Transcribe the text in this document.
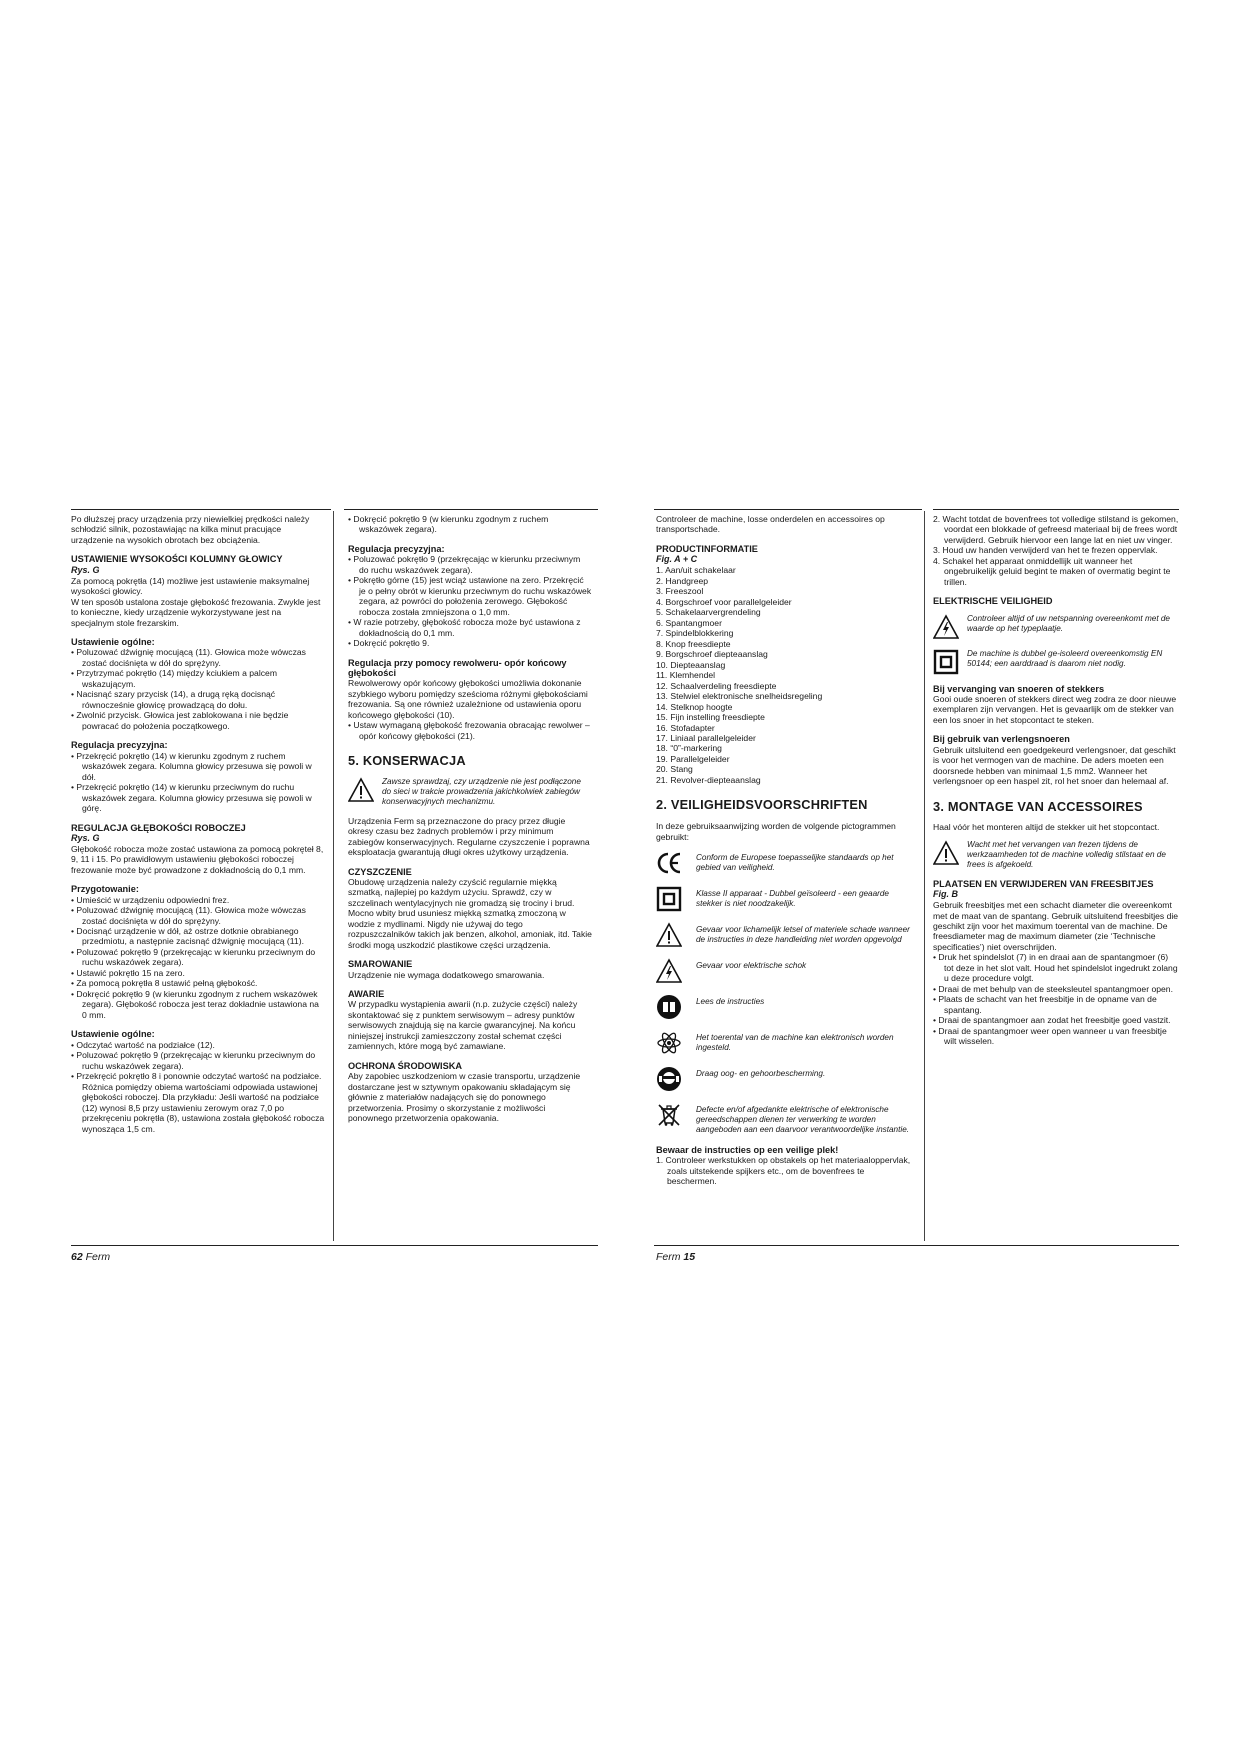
Po dłuższej pracy urządzenia przy niewielkiej prędkości należy schłodzić silnik, pozostawiając na kilka minut pracujące urządzenie na wysokich obrotach bez obciążenia.

USTAWIENIE WYSOKOŚCI KOLUMNY GŁOWICY

Rys. G

Za pomocą pokrętła (14) możliwe jest ustawienie maksymalnej wysokości głowicy.

W ten sposób ustalona zostaje głębokość frezowania. Zwykle jest to konieczne, kiedy urządzenie wykorzystywane jest na specjalnym stole frezarskim.

Ustawienie ogólne:

• Poluzować dźwignię mocującą (11). Głowica może wówczas zostać dociśnięta w dół do sprężyny.

• Przytrzymać pokrętło (14) między kciukiem a palcem wskazującym.

• Nacisnąć szary przycisk (14), a drugą ręką docisnąć równocześnie głowicę prowadzącą do dołu.

• Zwolnić przycisk. Głowica jest zablokowana i nie będzie powracać do położenia początkowego.

Regulacja precyzyjna:

• Przekręcić pokrętło (14) w kierunku zgodnym z ruchem wskazówek zegara. Kolumna głowicy przesuwa się powoli w dół.

• Przekręcić pokrętło (14) w kierunku przeciwnym do ruchu wskazówek zegara. Kolumna głowicy przesuwa się powoli w górę.

REGULACJA GŁĘBOKOŚCI ROBOCZEJ

Rys. G

Głębokość robocza może zostać ustawiona za pomocą pokręteł 8, 9, 11 i 15. Po prawidłowym ustawieniu głębokości roboczej frezowanie może być prowadzone z dokładnością do 0,1 mm.

Przygotowanie:

• Umieścić w urządzeniu odpowiedni frez.

• Poluzować dźwignię mocującą (11). Głowica może wówczas zostać dociśnięta w dół do sprężyny.

• Docisnąć urządzenie w dół, aż ostrze dotknie obrabianego przedmiotu, a następnie zacisnąć dźwignię mocującą (11).

• Poluzować pokrętło 9 (przekręcając w kierunku przeciwnym do ruchu wskazówek zegara).

• Ustawić pokrętło 15 na zero.

• Za pomocą pokrętła 8 ustawić pełną głębokość.

• Dokręcić pokrętło 9 (w kierunku zgodnym z ruchem wskazówek zegara). Głębokość robocza jest teraz dokładnie ustawiona na 0 mm.

Ustawienie ogólne:

• Odczytać wartość na podziałce (12).

• Poluzować pokrętło 9 (przekręcając w kierunku przeciwnym do ruchu wskazówek zegara).

• Przekręcić pokrętło 8 i ponownie odczytać wartość na podziałce. Różnica pomiędzy obiema wartościami odpowiada ustawionej głębokości roboczej. Dla przykładu: Jeśli wartość na podziałce (12) wynosi 8,5 przy ustawieniu zerowym oraz 7,0 po przekręceniu pokrętła (8), ustawiona została głębokość robocza wynosząca 1,5 cm.

• Dokręcić pokrętło 9 (w kierunku zgodnym z ruchem wskazówek zegara).

Regulacja precyzyjna:

• Poluzować pokrętło 9 (przekręcając w kierunku przeciwnym do ruchu wskazówek zegara).

• Pokrętło górne (15) jest wciąż ustawione na zero. Przekręcić je o pełny obrót w kierunku przeciwnym do ruchu wskazówek zegara, aż powróci do położenia zerowego. Głębokość robocza została zmniejszona o 1,0 mm.

• W razie potrzeby, głębokość robocza może być ustawiona z dokładnością do 0,1 mm.

• Dokręcić pokrętło 9.

Regulacja przy pomocy rewolweru- opór końcowy głębokości

Rewolwerowy opór końcowy głębokości umożliwia dokonanie szybkiego wyboru pomiędzy sześcioma różnymi głębokościami frezowania. Są one również uzależnione od ustawienia oporu końcowego głębokości (10).

• Ustaw wymaganą głębokość frezowania obracając rewolwer – opór końcowy głębokości (21).

5. KONSERWACJA

Zawsze sprawdzaj, czy urządzenie nie jest podłączone do sieci w trakcie prowadzenia jakichkolwiek zabiegów konserwacyjnych mechanizmu.

Urządzenia Ferm są przeznaczone do pracy przez długie okresy czasu bez żadnych problemów i przy minimum zabiegów konserwacyjnych. Regularne czyszczenie i poprawna eksploatacja gwarantują długi okres użytkowy urządzenia.

CZYSZCZENIE

Obudowę urządzenia należy czyścić regularnie miękką szmatką, najlepiej po każdym użyciu. Sprawdź, czy w szczelinach wentylacyjnych nie gromadzą się trociny i brud. Mocno wbity brud usuniesz miękką szmatką zmoczoną w wodzie z mydlinami. Nigdy nie używaj do tego rozpuszczalników takich jak benzen, alkohol, amoniak, itd. Takie środki mogą uszkodzić plastikowe części urządzenia.

SMAROWANIE

Urządzenie nie wymaga dodatkowego smarowania.

AWARIE

W przypadku wystąpienia awarii (n.p. zużycie części) należy skontaktować się z punktem serwisowym – adresy punktów serwisowych znajdują się na karcie gwarancyjnej. Na końcu niniejszej instrukcji zamieszczony został schemat części zamiennych, które mogą być zamawiane.

OCHRONA ŚRODOWISKA

Aby zapobiec uszkodzeniom w czasie transportu, urządzenie dostarczane jest w sztywnym opakowaniu składającym się głównie z materiałów nadających się do ponownego przetworzenia. Prosimy o skorzystanie z możliwości ponownego przetworzenia opakowania.

Controleer de machine, losse onderdelen en accessoires op transportschade.

PRODUCTINFORMATIE

Fig. A + C

1. Aan/uit schakelaar

2. Handgreep

3. Freeszool

4. Borgschroef voor parallelgeleider

5. Schakelaarvergrendeling

6. Spantangmoer

7. Spindelblokkering

8. Knop freesdiepte

9. Borgschroef diepteaanslag

10. Diepteaanslag

11. Klemhendel

12. Schaalverdeling freesdiepte

13. Stelwiel elektronische snelheidsregeling

14. Stelknop hoogte

15. Fijn instelling freesdiepte

16. Stofadapter

17. Liniaal parallelgeleider

18. “0”-markering

19. Parallelgeleider

20. Stang

21. Revolver-diepteaanslag

2. VEILIGHEIDSVOORSCHRIFTEN

In deze gebruiksaanwijzing worden de volgende pictogrammen gebruikt:

Conform de Europese toepasselijke standaards op het gebied van veiligheid.

Klasse II apparaat - Dubbel geïsoleerd - een geaarde stekker is niet noodzakelijk.

Gevaar voor lichamelijk letsel of materiele schade wanneer de instructies in deze handleiding niet worden opgevolgd

Gevaar voor elektrische schok

Lees de instructies

Het toerental van de machine kan elektronisch worden ingesteld.

Draag oog- en gehoorbescherming.

Defecte en/of afgedankte elektrische of elektronische gereedschappen dienen ter verwerking te worden aangeboden aan een daarvoor verantwoordelijke instantie.

Bewaar de instructies op een veilige plek!

1. Controleer werkstukken op obstakels op het materiaaloppervlak, zoals uitstekende spijkers etc., om de bovenfrees te beschermen.

2. Wacht totdat de bovenfrees tot volledige stilstand is gekomen, voordat een blokkade of gefreesd materiaal bij de frees wordt verwijderd. Gebruik hiervoor een lange lat en niet uw vinger.

3. Houd uw handen verwijderd van het te frezen oppervlak.

4. Schakel het apparaat onmiddellijk uit wanneer het ongebruikelijk geluid begint te maken of overmatig begint te trillen.

ELEKTRISCHE VEILIGHEID

Controleer altijd of uw netspanning overeenkomt met de waarde op het typeplaatje.

De machine is dubbel ge-isoleerd overeenkomstig EN 50144; een aarddraad is daarom niet nodig.

Bij vervanging van snoeren of stekkers

Gooi oude snoeren of stekkers direct weg zodra ze door nieuwe exemplaren zijn vervangen. Het is gevaarlijk om de stekker van een los snoer in het stopcontact te steken.

Bij gebruik van verlengsnoeren

Gebruik uitsluitend een goedgekeurd verlengsnoer, dat geschikt is voor het vermogen van de machine. De aders moeten een doorsnede hebben van minimaal 1,5 mm2. Wanneer het verlengsnoer op een haspel zit, rol het snoer dan helemaal af.

3. MONTAGE VAN ACCESSOIRES

Haal vóór het monteren altijd de stekker uit het stopcontact.

Wacht met het vervangen van frezen tijdens de werkzaamheden tot de machine volledig stilstaat en de frees is afgekoeld.

PLAATSEN EN VERWIJDEREN VAN FREESBITJES

Fig. B

Gebruik freesbitjes met een schacht diameter die overeenkomt met de maat van de spantang. Gebruik uitsluitend freesbitjes die geschikt zijn voor het maximum toerental van de machine. De freesdiameter mag de maximum diameter (zie ‘Technische specificaties’) niet overschrijden.

• Druk het spindelslot (7) in en draai aan de spantangmoer (6) tot deze in het slot valt. Houd het spindelslot ingedrukt zolang u deze procedure volgt.

• Draai de met behulp van de steeksleutel spantangmoer open.

• Plaats de schacht van het freesbitje in de opname van de spantang.

• Draai de spantangmoer aan zodat het freesbitje goed vastzit.

• Draai de spantangmoer weer open wanneer u van freesbitje wilt wisselen.

62 Ferm	Ferm 15
